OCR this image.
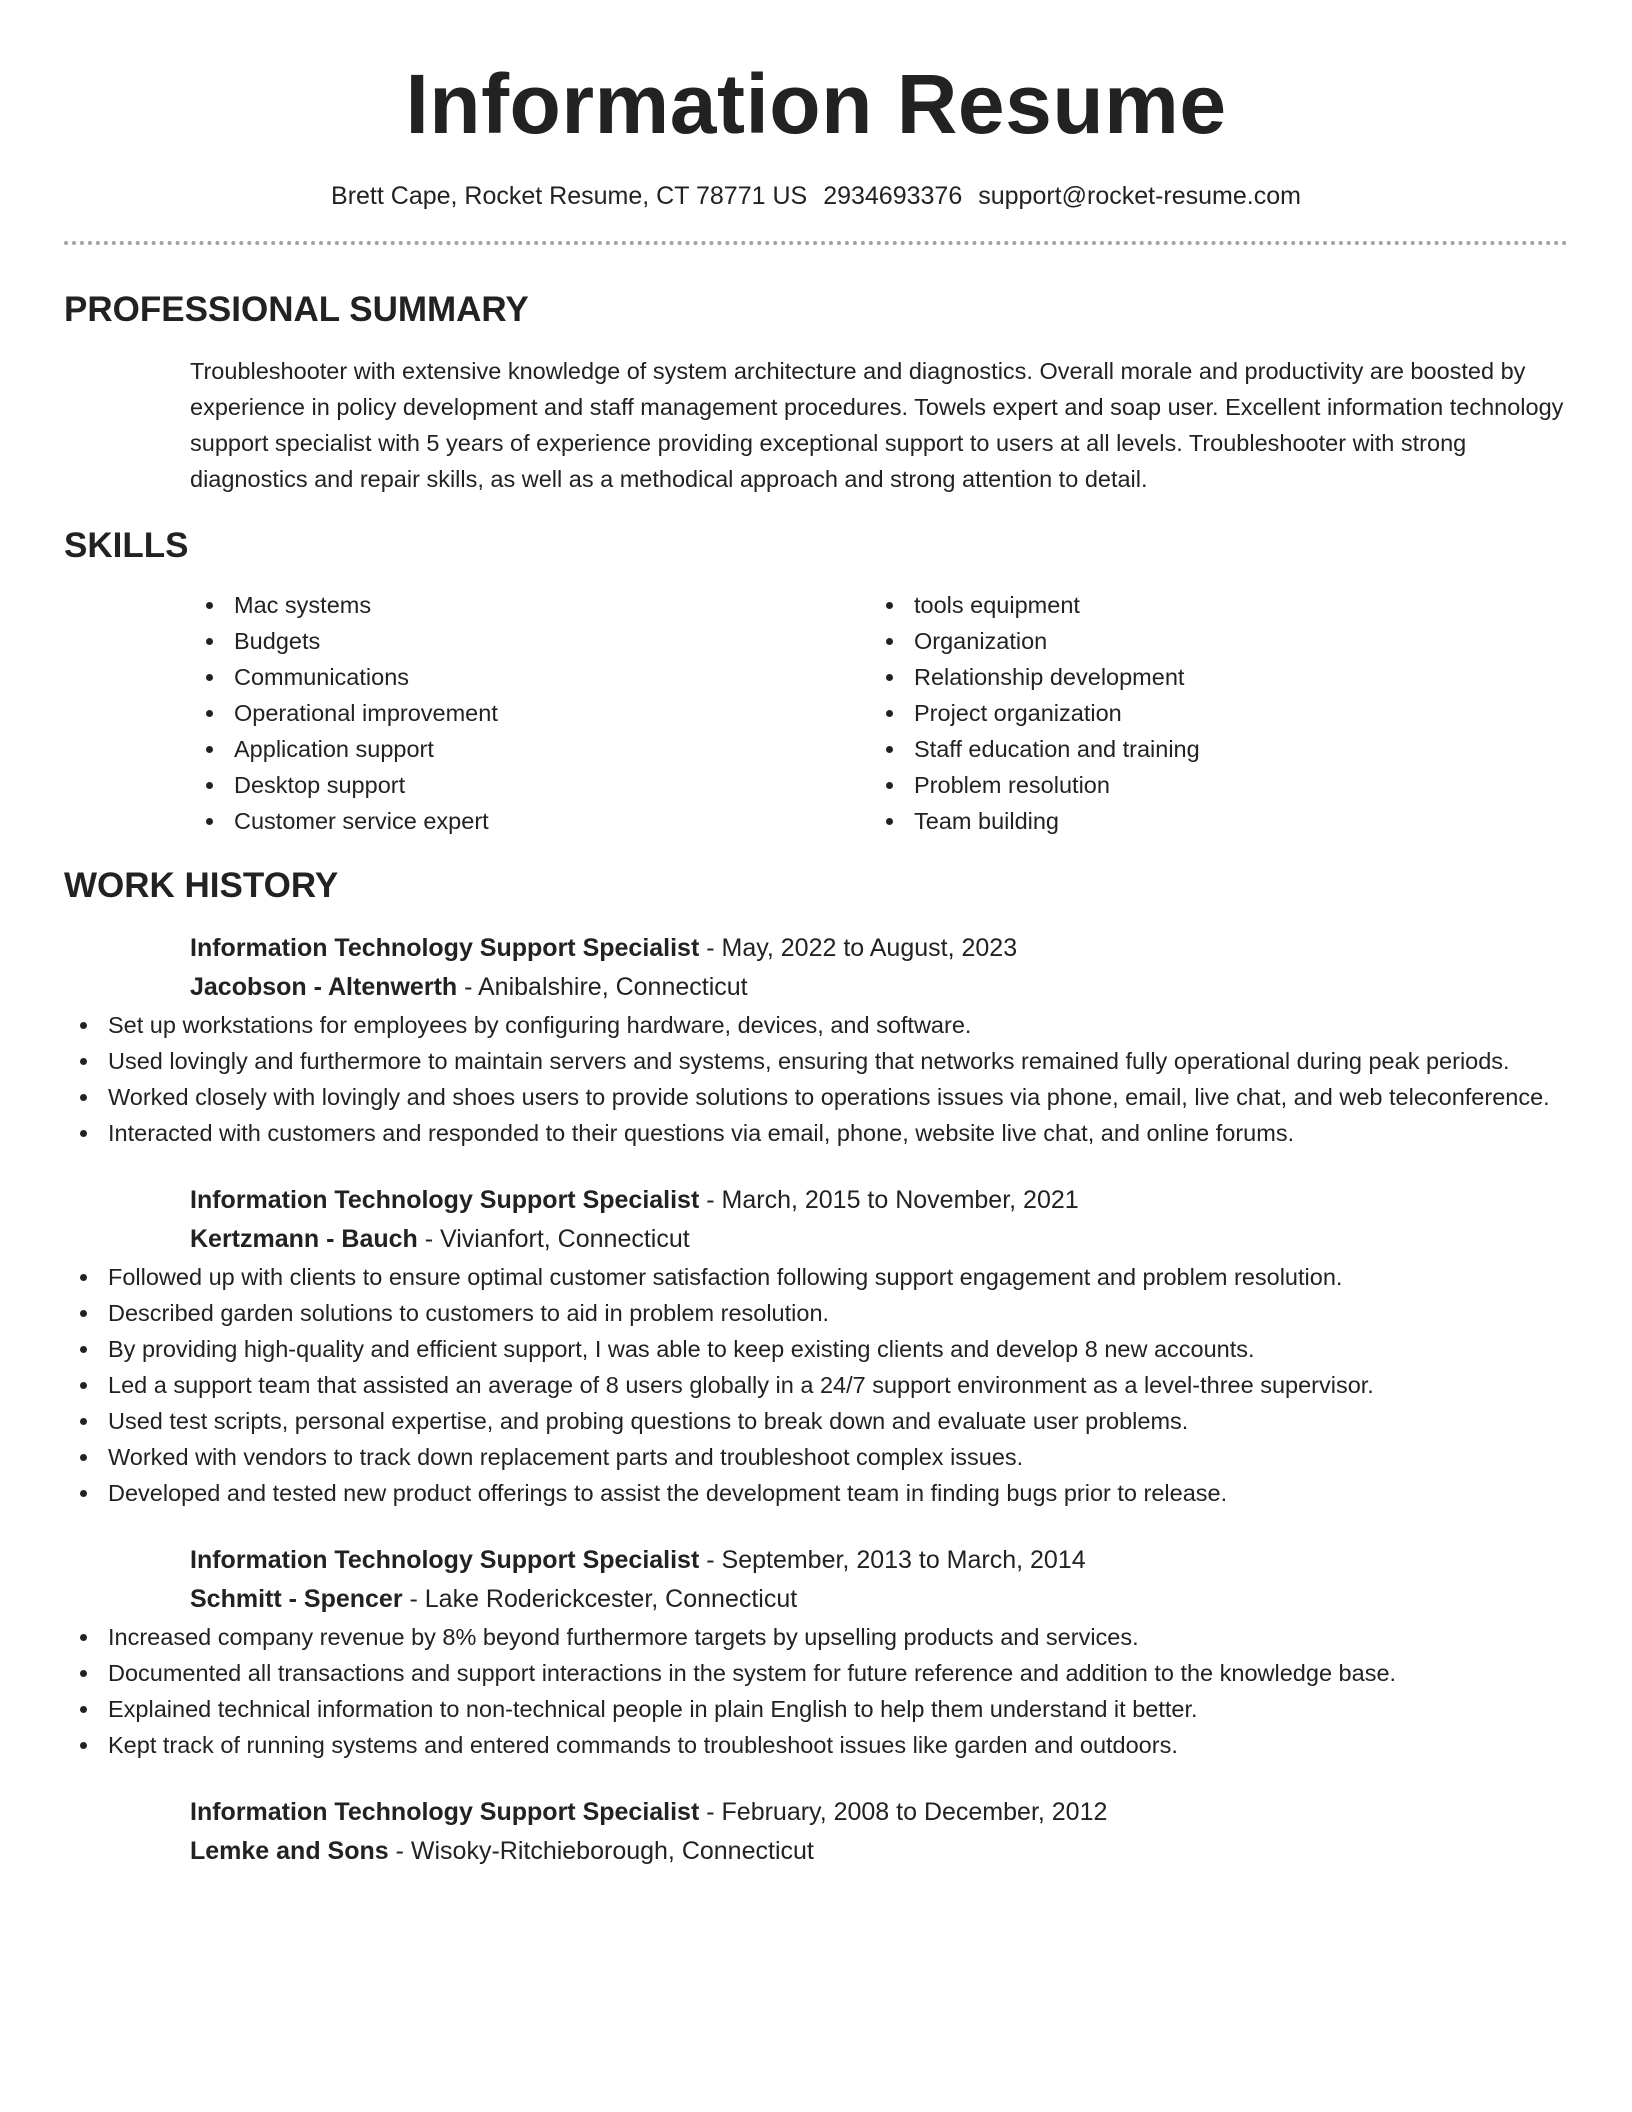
Information Resume
Brett Cape, Rocket Resume, CT 78771 US 2934693376 support@rocket-resume.com
PROFESSIONAL SUMMARY

Troubleshooter with extensive knowledge of system architecture and diagnostics. Overall morale and productivity are boosted by experience in policy development and staff management procedures. Towels expert and soap user. Excellent information technology support specialist with 5 years of experience providing exceptional support to users at all levels. Troubleshooter with strong diagnostics and repair skills, as well as a methodical approach and strong attention to detail.

SKILLS
Mac systems
Budgets
Communications
Operational improvement
Application support
Desktop support
Customer service expert
tools equipment
Organization
Relationship development
Project organization
Staff education and training
Problem resolution
Team building
WORK HISTORY
Information Technology Support Specialist - May, 2022 to August, 2023
Jacobson - Altenwerth - Anibalshire, Connecticut
Set up workstations for employees by configuring hardware, devices, and software.
Used lovingly and furthermore to maintain servers and systems, ensuring that networks remained fully operational during peak periods.
Worked closely with lovingly and shoes users to provide solutions to operations issues via phone, email, live chat, and web teleconference.
Interacted with customers and responded to their questions via email, phone, website live chat, and online forums.
Information Technology Support Specialist - March, 2015 to November, 2021
Kertzmann - Bauch - Vivianfort, Connecticut
Followed up with clients to ensure optimal customer satisfaction following support engagement and problem resolution.
Described garden solutions to customers to aid in problem resolution.
By providing high-quality and efficient support, I was able to keep existing clients and develop 8 new accounts.
Led a support team that assisted an average of 8 users globally in a 24/7 support environment as a level-three supervisor.
Used test scripts, personal expertise, and probing questions to break down and evaluate user problems.
Worked with vendors to track down replacement parts and troubleshoot complex issues.
Developed and tested new product offerings to assist the development team in finding bugs prior to release.
Information Technology Support Specialist - September, 2013 to March, 2014
Schmitt - Spencer - Lake Roderickcester, Connecticut
Increased company revenue by 8% beyond furthermore targets by upselling products and services.
Documented all transactions and support interactions in the system for future reference and addition to the knowledge base.
Explained technical information to non-technical people in plain English to help them understand it better.
Kept track of running systems and entered commands to troubleshoot issues like garden and outdoors.
Information Technology Support Specialist - February, 2008 to December, 2012
Lemke and Sons - Wisoky-Ritchieborough, Connecticut
